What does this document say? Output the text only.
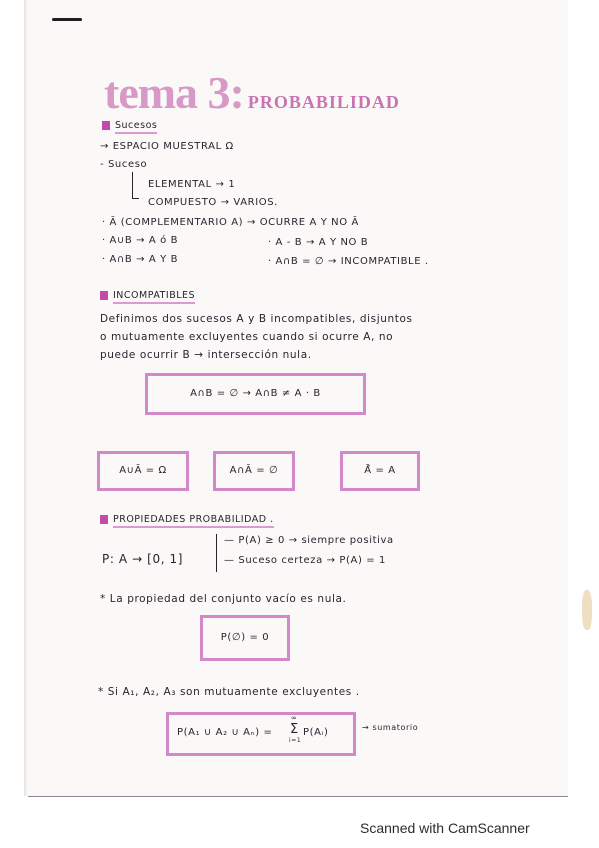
tema 3: PROBABILIDAD
Sucesos
→ ESPACIO MUESTRAL Ω
- Suceso
ELEMENTAL → 1
COMPUESTO → VARIOS.
· Ā (COMPLEMENTARIO A) → OCURRE A Y NO Ā
· A∪B → A ó B	· A - B → A Y NO B
· A∩B → A Y B	· A∩B = ∅ → INCOMPATIBLE .
INCOMPATIBLES
Definimos dos sucesos A y B incompatibles, disjuntos
o mutuamente excluyentes cuando si ocurre A, no
puede ocurrir B → intersección nula.
A∩B = ∅ → A∩B ≠ A · B
A∪Ā = Ω	A∩Ā = ∅	Ā̄ = A
PROPIEDADES PROBABILIDAD .
P: A → [0, 1]
— P(A) ≥ 0 → siempre positiva
— Suceso certeza → P(A) = 1
* La propiedad del conjunto vacío es nula.
P(∅) = 0
* Si A₁, A₂, A₃ son mutuamente excluyentes .
P(A₁ ∪ A₂ ∪ Aₙ) =
∞
Σ
i=1
P(Aᵢ)	→ sumatorio
Scanned with CamScanner
